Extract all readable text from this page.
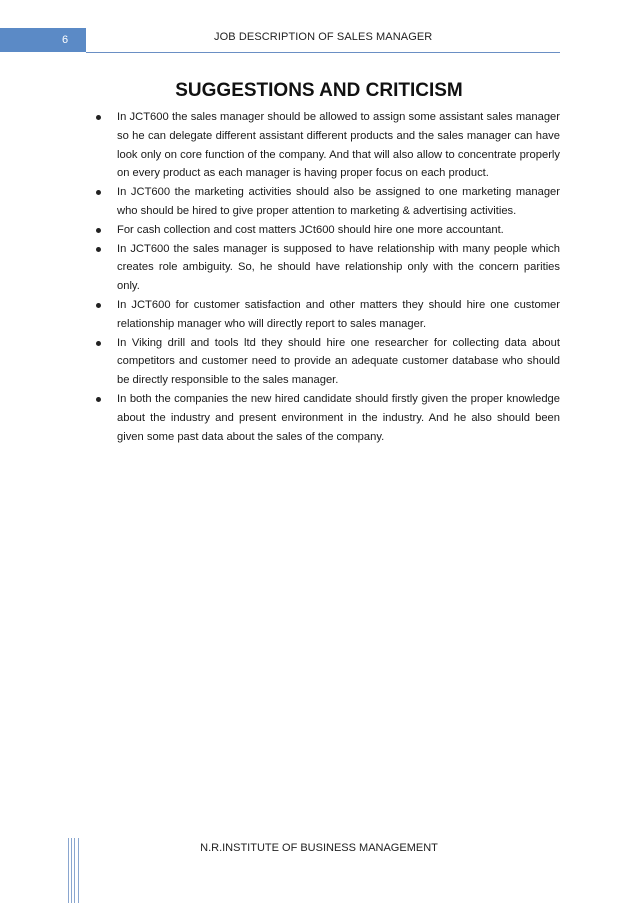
6	JOB DESCRIPTION OF SALES MANAGER
SUGGESTIONS AND CRITICISM
In JCT600 the sales manager should be allowed to assign some assistant sales manager so he can delegate different assistant different products and the sales manager can have look only on core function of the company. And that will also allow to concentrate properly on every product as each manager is having proper focus on each product.
In JCT600 the marketing activities should also be assigned to one marketing manager who should be hired to give proper attention to marketing & advertising activities.
For cash collection and cost matters JCt600 should hire one more accountant.
In JCT600 the sales manager is supposed to have relationship with many people which creates role ambiguity. So, he should have relationship only with the concern parities only.
In JCT600 for customer satisfaction and other matters they should hire one customer relationship manager who will directly report to sales manager.
In Viking drill and tools ltd they should hire one researcher for collecting data about competitors and customer need to provide an adequate customer database who should be directly responsible to the sales manager.
In both the companies the new hired candidate should firstly given the proper knowledge about the industry and present environment in the industry. And he also should been given some past data about the sales of the company.
N.R.INSTITUTE OF BUSINESS MANAGEMENT
